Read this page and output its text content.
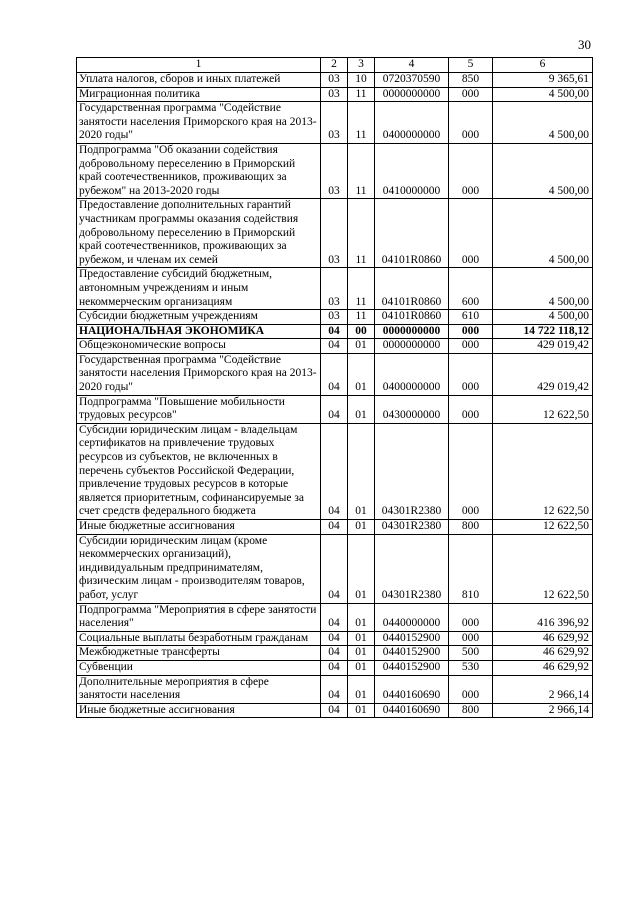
30
1	2	3	4	5	6
Уплата налогов, сборов и иных платежей	03	10	0720370590	850	9 365,61
Миграционная политика	03	11	0000000000	000	4 500,00
Государственная программа "Содействие занятости населения Приморского края на 2013-2020 годы"	03	11	0400000000	000	4 500,00
Подпрограмма "Об оказании содействия добровольному переселению в Приморский край соотечественников, проживающих за рубежом" на 2013-2020 годы	03	11	0410000000	000	4 500,00
Предоставление дополнительных гарантий участникам программы оказания содействия добровольному переселению в Приморский край соотечественников, проживающих за рубежом, и членам их семей	03	11	04101R0860	000	4 500,00
Предоставление субсидий бюджетным, автономным учреждениям и иным некоммерческим организациям	03	11	04101R0860	600	4 500,00
Субсидии бюджетным учреждениям	03	11	04101R0860	610	4 500,00
НАЦИОНАЛЬНАЯ ЭКОНОМИКА	04	00	0000000000	000	14 722 118,12
Общеэкономические вопросы	04	01	0000000000	000	429 019,42
Государственная программа "Содействие занятости населения Приморского края на 2013-2020 годы"	04	01	0400000000	000	429 019,42
Подпрограмма "Повышение мобильности трудовых ресурсов"	04	01	0430000000	000	12 622,50
Субсидии юридическим лицам - владельцам сертификатов на привлечение трудовых ресурсов из субъектов, не включенных в перечень субъектов Российской Федерации, привлечение трудовых ресурсов в которые является приоритетным, софинансируемые за счет средств федерального бюджета	04	01	04301R2380	000	12 622,50
Иные бюджетные ассигнования	04	01	04301R2380	800	12 622,50
Субсидии юридическим лицам (кроме некоммерческих организаций), индивидуальным предпринимателям, физическим лицам - производителям товаров, работ, услуг	04	01	04301R2380	810	12 622,50
Подпрограмма "Мероприятия в сфере занятости населения"	04	01	0440000000	000	416 396,92
Социальные выплаты безработным гражданам	04	01	0440152900	000	46 629,92
Межбюджетные трансферты	04	01	0440152900	500	46 629,92
Субвенции	04	01	0440152900	530	46 629,92
Дополнительные мероприятия в сфере занятости населения	04	01	0440160690	000	2 966,14
Иные бюджетные ассигнования	04	01	0440160690	800	2 966,14
